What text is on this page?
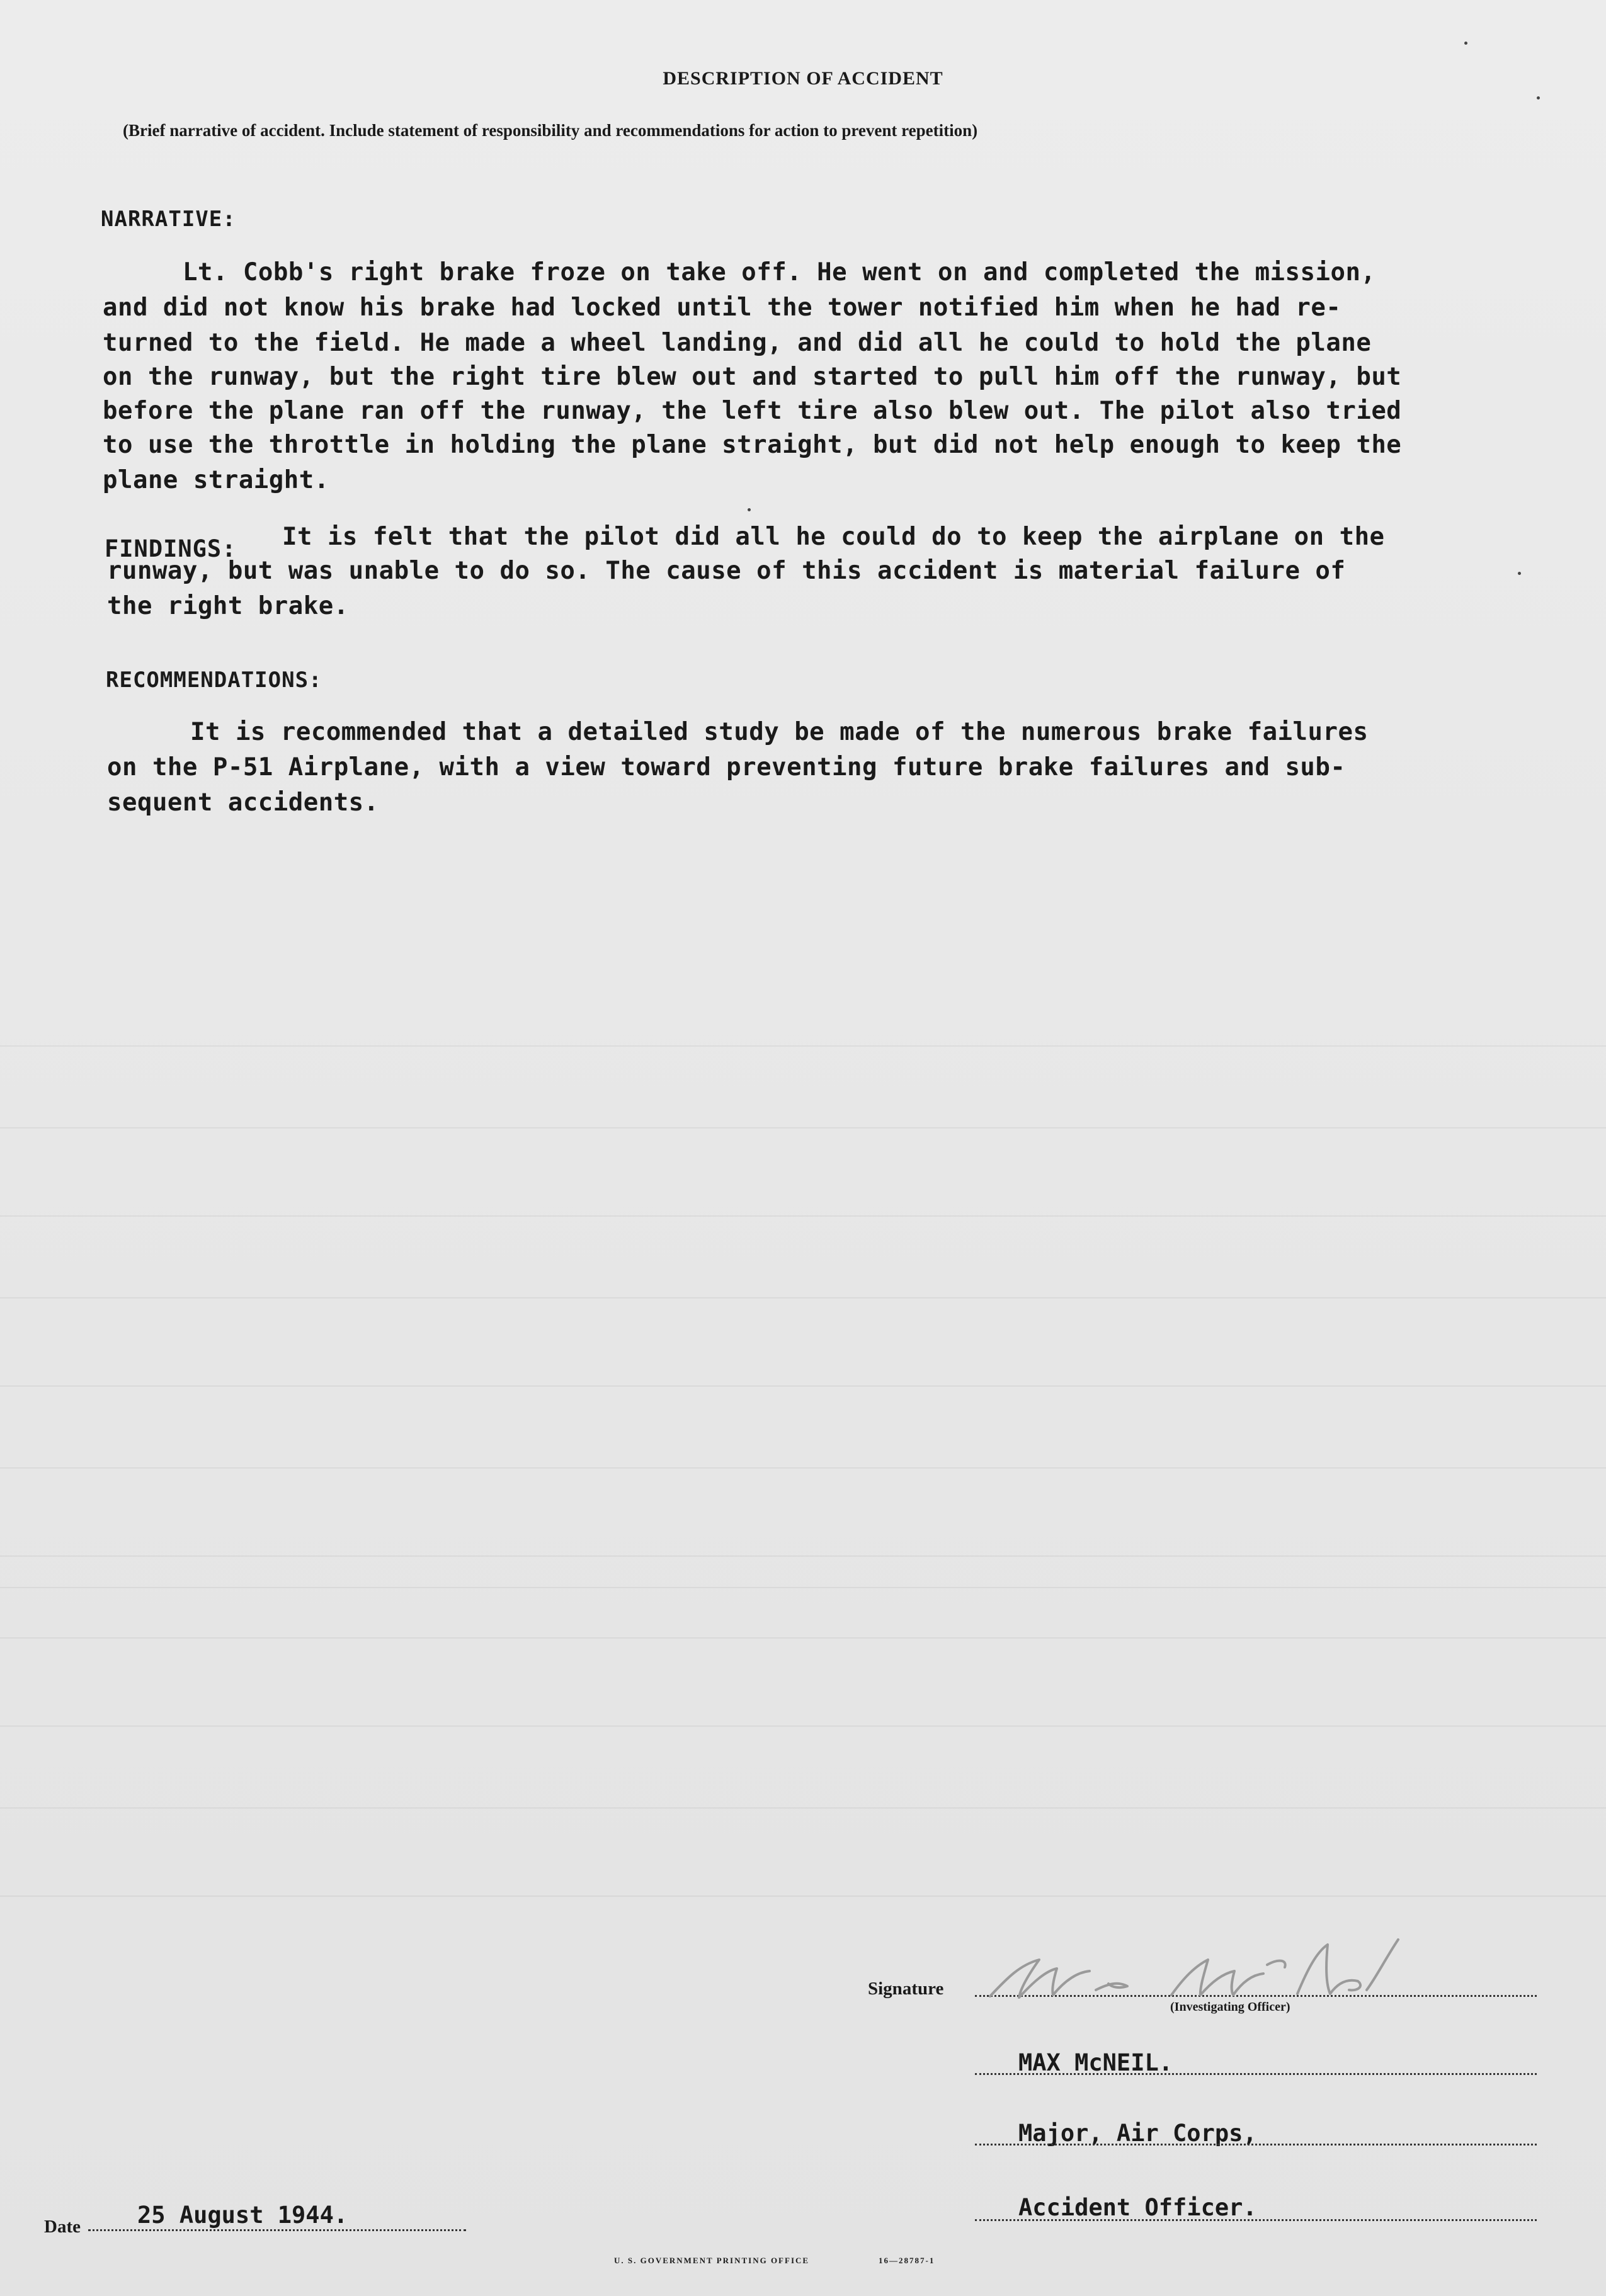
DESCRIPTION OF ACCIDENT
(Brief narrative of accident. Include statement of responsibility and recommendations for action to prevent repetition)
NARRATIVE:
Lt. Cobb's right brake froze on take off. He went on and completed the mission,
and did not know his brake had locked until the tower notified him when he had re-
turned to the field. He made a wheel landing, and did all he could to hold the plane
on the runway, but the right tire blew out and started to pull him off the runway, but
before the plane ran off the runway, the left tire also blew out. The pilot also tried
to use the throttle in holding the plane straight, but did not help enough to keep the
plane straight.
FINDINGS: It is felt that the pilot did all he could do to keep the airplane on the
runway, but was unable to do so. The cause of this accident is material failure of
the right brake.
RECOMMENDATIONS:
It is recommended that a detailed study be made of the numerous brake failures
on the P-51 Airplane, with a view toward preventing future brake failures and sub-
sequent accidents.
Signature
(Investigating Officer)
MAX McNEIL.
Major, Air Corps,
Accident Officer.
Date 25 August 1944.
U. S. GOVERNMENT PRINTING OFFICE	16—28787-1
